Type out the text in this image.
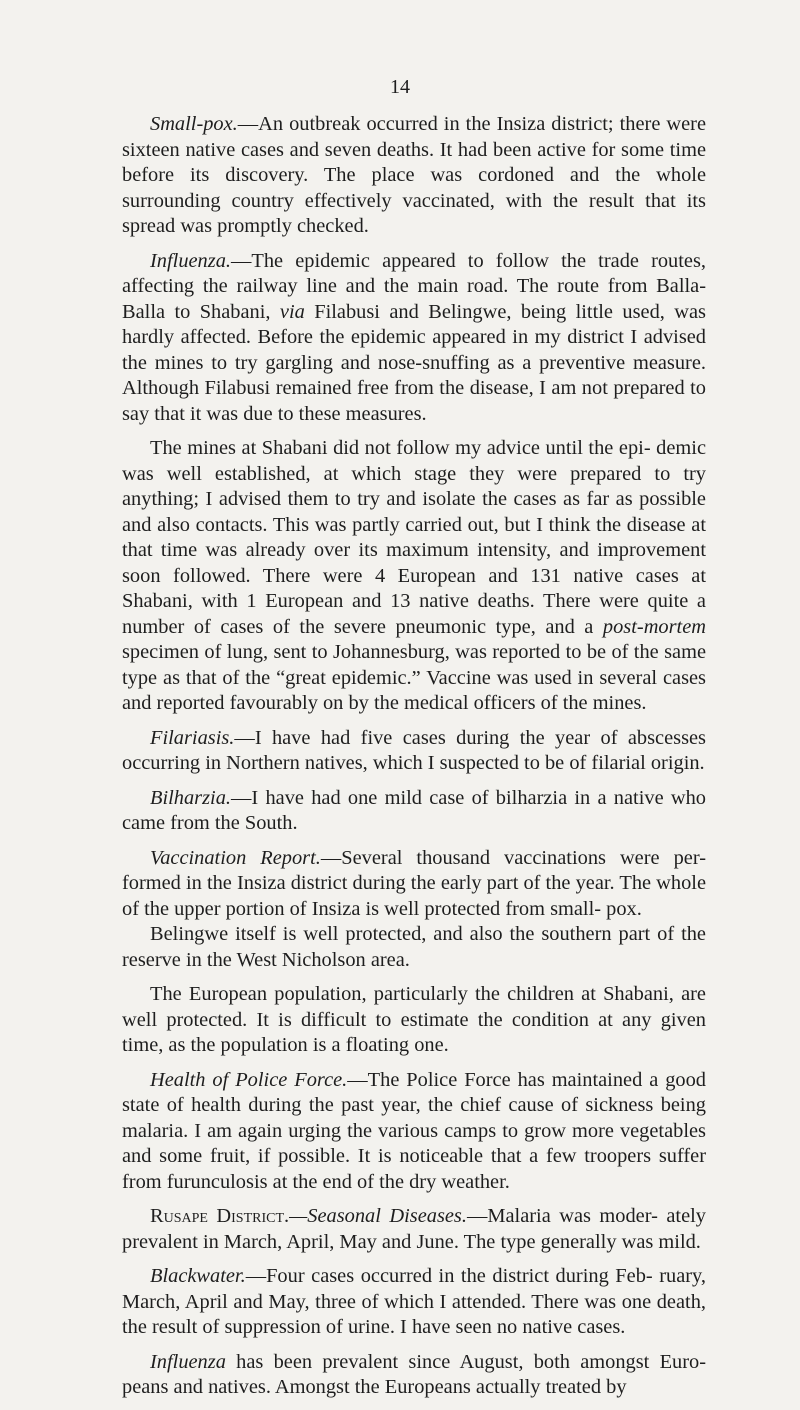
14

Small-pox.—An outbreak occurred in the Insiza district; there were sixteen native cases and seven deaths. It had been active for some time before its discovery. The place was cordoned and the whole surrounding country effectively vaccinated, with the result that its spread was promptly checked.

Influenza.—The epidemic appeared to follow the trade routes, affecting the railway line and the main road. The route from Balla-Balla to Shabani, via Filabusi and Belingwe, being little used, was hardly affected. Before the epidemic appeared in my district I advised the mines to try gargling and nose-snuffing as a preventive measure. Although Filabusi remained free from the disease, I am not prepared to say that it was due to these measures.

The mines at Shabani did not follow my advice until the epi- demic was well established, at which stage they were prepared to try anything; I advised them to try and isolate the cases as far as possible and also contacts. This was partly carried out, but I think the disease at that time was already over its maximum intensity, and improvement soon followed. There were 4 European and 131 native cases at Shabani, with 1 European and 13 native deaths. There were quite a number of cases of the severe pneumonic type, and a post-mortem specimen of lung, sent to Johannesburg, was reported to be of the same type as that of the “great epidemic.” Vaccine was used in several cases and reported favourably on by the medical officers of the mines.

Filariasis.—I have had five cases during the year of abscesses occurring in Northern natives, which I suspected to be of filarial origin.

Bilharzia.—I have had one mild case of bilharzia in a native who came from the South.

Vaccination Report.—Several thousand vaccinations were per- formed in the Insiza district during the early part of the year. The whole of the upper portion of Insiza is well protected from small- pox.

Belingwe itself is well protected, and also the southern part of the reserve in the West Nicholson area.

The European population, particularly the children at Shabani, are well protected. It is difficult to estimate the condition at any given time, as the population is a floating one.

Health of Police Force.—The Police Force has maintained a good state of health during the past year, the chief cause of sickness being malaria. I am again urging the various camps to grow more vegetables and some fruit, if possible. It is noticeable that a few troopers suffer from furunculosis at the end of the dry weather.

Rusape District.—Seasonal Diseases.—Malaria was moder- ately prevalent in March, April, May and June. The type generally was mild.

Blackwater.—Four cases occurred in the district during Feb- ruary, March, April and May, three of which I attended. There was one death, the result of suppression of urine. I have seen no native cases.

Influenza has been prevalent since August, both amongst Euro- peans and natives. Amongst the Europeans actually treated by
